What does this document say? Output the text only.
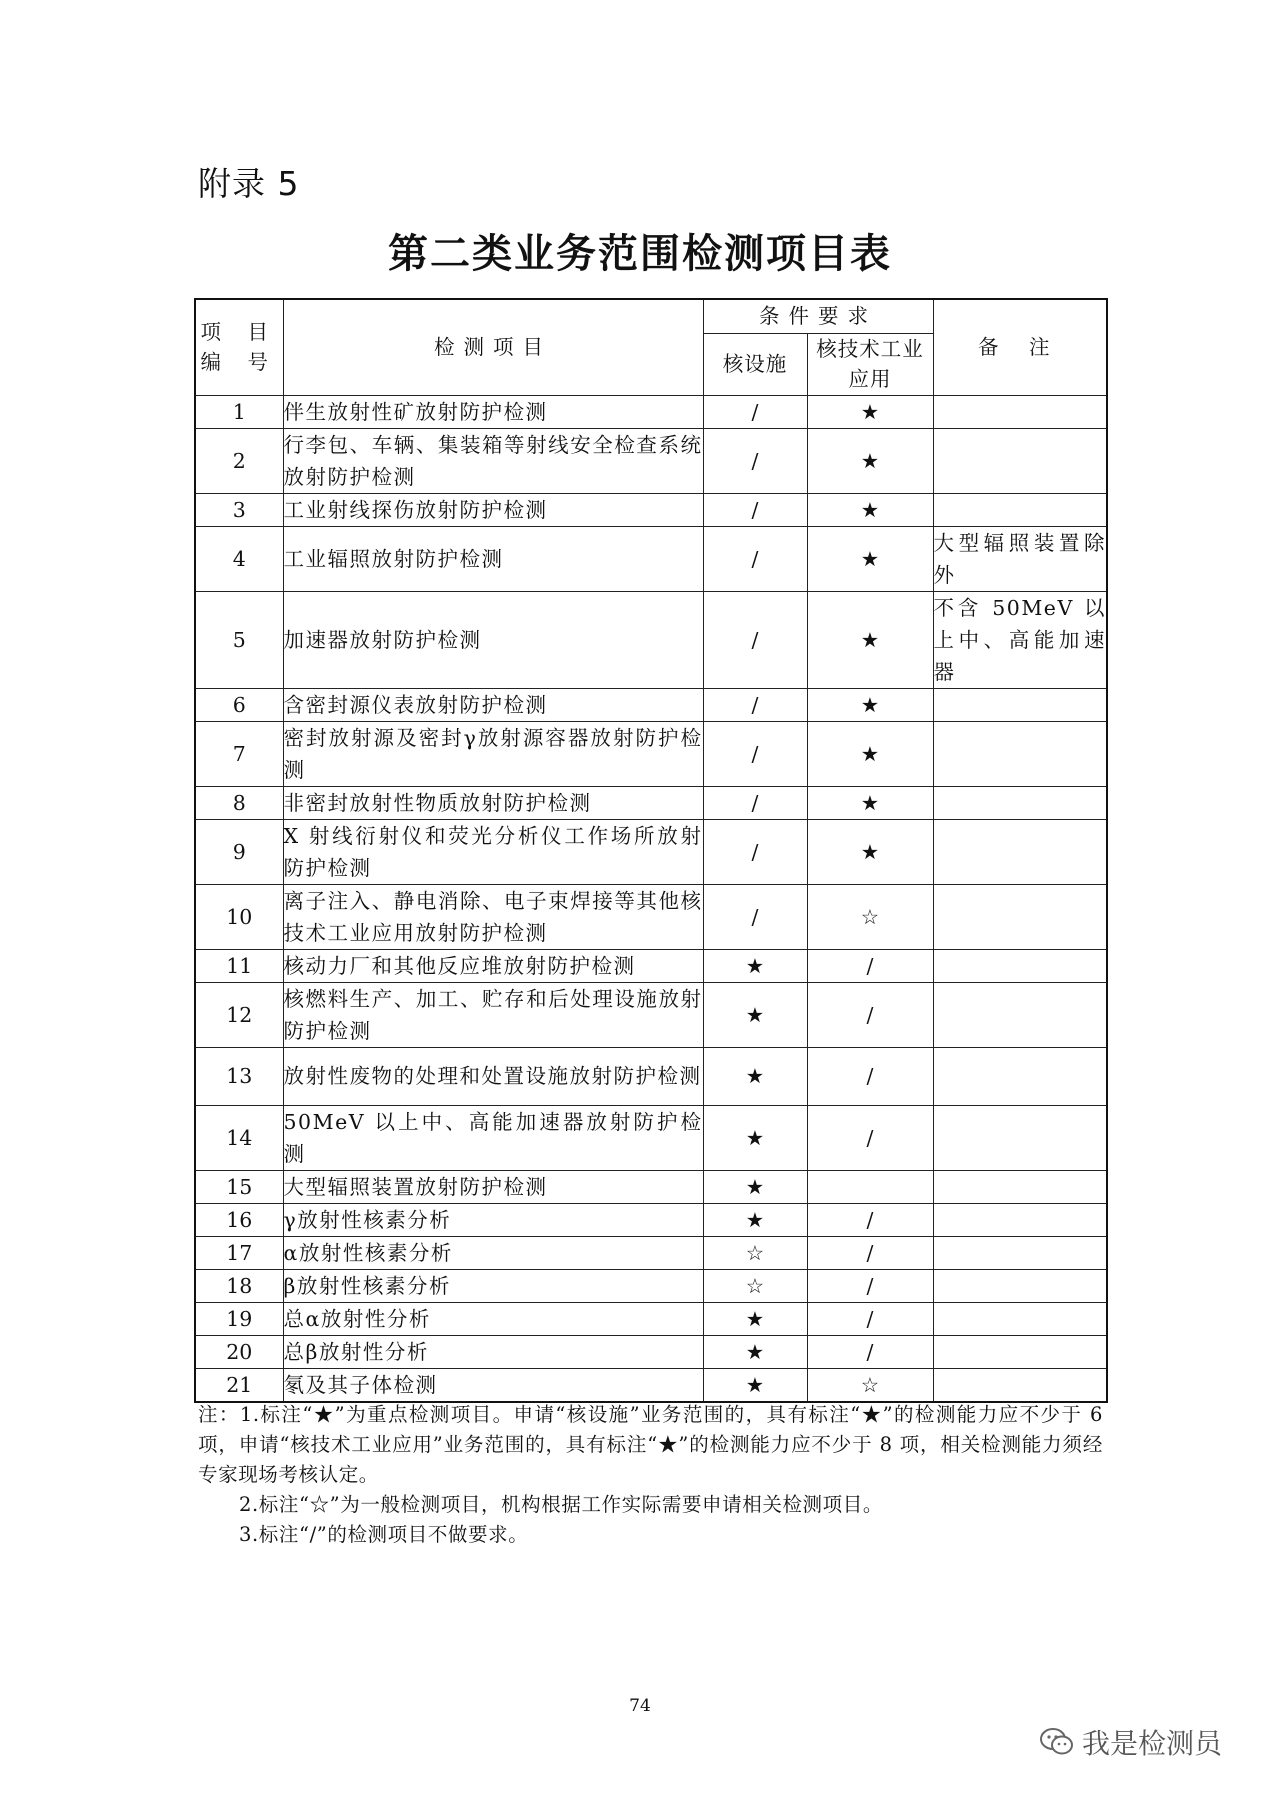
附录 5
第二类业务范围检测项目表
项 目
编 号	检测项目	条件要求		备 注
		核设施	核技术工业
应用	
1	伴生放射性矿放射防护检测	/	★	
2	行李包、车辆、集装箱等射线安全检查系统放射防护检测	/	★	
3	工业射线探伤放射防护检测	/	★	
4	工业辐照放射防护检测	/	★	大型辐照装置除外
5	加速器放射防护检测	/	★	不含 50MeV 以上中、高能加速器
6	含密封源仪表放射防护检测	/	★	
7	密封放射源及密封γ放射源容器放射防护检测	/	★	
8	非密封放射性物质放射防护检测	/	★	
9	X 射线衍射仪和荧光分析仪工作场所放射防护检测	/	★	
10	离子注入、静电消除、电子束焊接等其他核技术工业应用放射防护检测	/	☆	
11	核动力厂和其他反应堆放射防护检测	★	/	
12	核燃料生产、加工、贮存和后处理设施放射防护检测	★	/	
13	放射性废物的处理和处置设施放射防护检测	★	/	
14	50MeV 以上中、高能加速器放射防护检测	★	/	
15	大型辐照装置放射防护检测	★		
16	γ放射性核素分析	★	/	
17	α放射性核素分析	☆	/	
18	β放射性核素分析	☆	/	
19	总α放射性分析	★	/	
20	总β放射性分析	★	/	
21	氡及其子体检测	★	☆	

注：1.标注“★”为重点检测项目。申请“核设施”业务范围的，具有标注“★”的检测能力应不少于 6 项，申请“核技术工业应用”业务范围的，具有标注“★”的检测能力应不少于 8 项，相关检测能力须经专家现场考核认定。

2.标注“☆”为一般检测项目，机构根据工作实际需要申请相关检测项目。

3.标注“/”的检测项目不做要求。

74
我是检测员
